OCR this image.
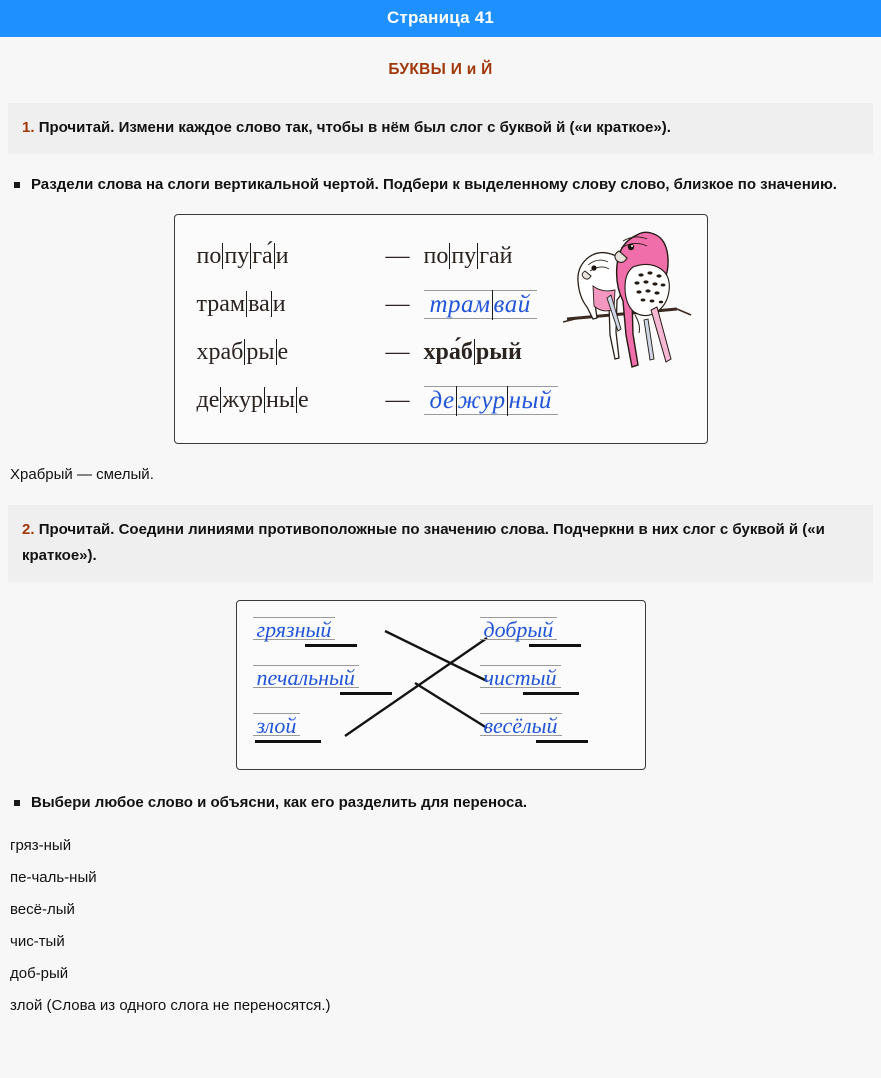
Страница 41
БУКВЫ И и Й
1. Прочитай. Измени каждое слово так, чтобы в нём был слог с буквой й («и краткое»).
Раздели слова на слоги вертикальной чертой. Подбери к выделенному слову слово, близкое по значению.
по пу га́ и	— по пу гай
трам ва и	— трам вай
храб ры е	— хра́б рый
де жур ны е	— де жур ный
Храбрый — смелый.
2. Прочитай. Соедини линиями противоположные по значению слова. Подчеркни в них слог с буквой й («и краткое»).
грязный
печальный
злой
добрый
чистый
весёлый
Выбери любое слово и объясни, как его разделить для переноса.
гряз-ный
пе-чаль-ный
весё-лый
чис-тый
доб-рый
злой (Слова из одного слога не переносятся.)
